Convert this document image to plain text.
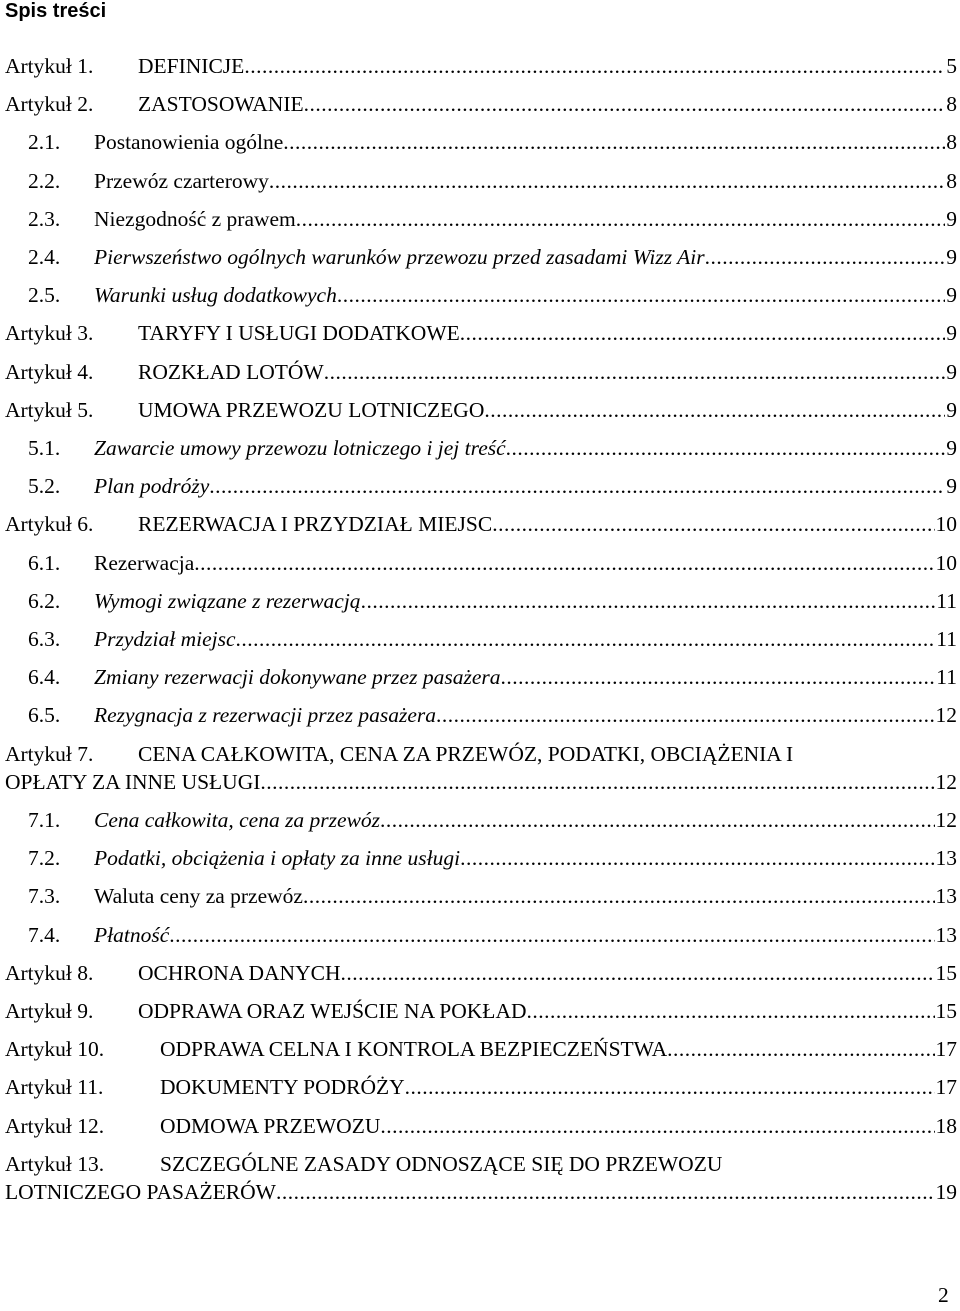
Spis treści
Artykuł 1. DEFINICJE .....	5
Artykuł 2. ZASTOSOWANIE .....	8
2.1. Postanowienia ogólne .....	8
2.2. Przewóz czarterowy .....	8
2.3. Niezgodność z prawem .....	9
2.4. Pierwszeństwo ogólnych warunków przewozu przed zasadami Wizz Air .....	9
2.5. Warunki usług dodatkowych .....	9
Artykuł 3. TARYFY I USŁUGI DODATKOWE .....	9
Artykuł 4. ROZKŁAD LOTÓW .....	9
Artykuł 5. UMOWA PRZEWOZU LOTNICZEGO .....	9
5.1. Zawarcie umowy przewozu lotniczego i jej treść .....	9
5.2. Plan podróży .....	9
Artykuł 6. REZERWACJA I PRZYDZIAŁ MIEJSC .....	10
6.1. Rezerwacja .....	10
6.2. Wymogi związane z rezerwacją .....	11
6.3. Przydział miejsc .....	11
6.4. Zmiany rezerwacji dokonywane przez pasażera .....	11
6.5. Rezygnacja z rezerwacji przez pasażera .....	12
Artykuł 7. CENA CAŁKOWITA, CENA ZA PRZEWÓZ, PODATKI, OBCIĄŻENIA I
OPŁATY ZA INNE USŁUGI .....	12
7.1. Cena całkowita, cena za przewóz .....	12
7.2. Podatki, obciążenia i opłaty za inne usługi .....	13
7.3. Waluta ceny za przewóz .....	13
7.4. Płatność .....	13
Artykuł 8. OCHRONA DANYCH .....	15
Artykuł 9. ODPRAWA ORAZ WEJŚCIE NA POKŁAD .....	15
Artykuł 10.	ODPRAWA CELNA I KONTROLA BEZPIECZEŃSTWA .....	17
Artykuł 11.	DOKUMENTY PODRÓŻY .....	17
Artykuł 12.	ODMOWA PRZEWOZU .....	18
Artykuł 13.	SZCZEGÓLNE ZASADY ODNOSZĄCE SIĘ DO PRZEWOZU
LOTNICZEGO PASAŻERÓW .....	19
2
